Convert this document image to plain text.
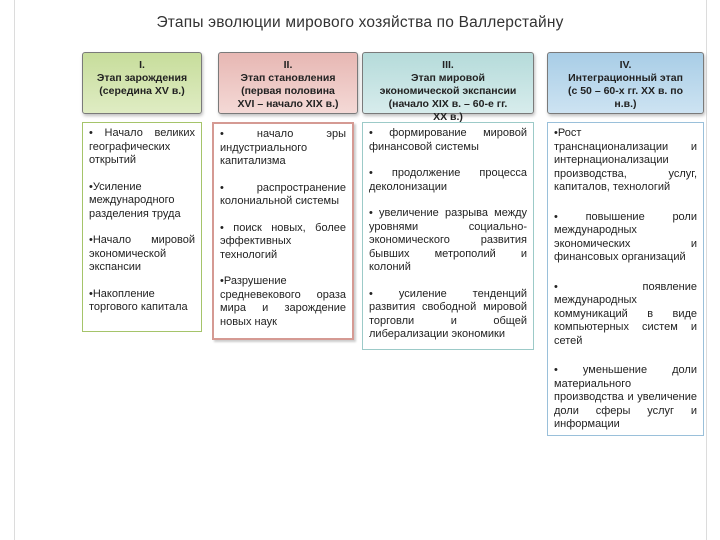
Этапы эволюции мирового хозяйства по Валлерстайну
I.
Этап зарождения
(середина XV в.)
II.
Этап становления
(первая половина
XVI – начало XIX в.)
III.
Этап мировой
экономической экспансии
(начало XIX в. – 60-е гг.
XX в.)
IV.
Интеграционный этап
(с 50 – 60-х гг. XX в. по
н.в.)
• Начало великих географических открытий
•Усиление международного разделения труда
•Начало мировой экономической экспансии
•Накопление торгового капитала
• начало эры индустриального капитализма
• распространение колониальной системы
• поиск новых, более эффективных технологий
•Разрушение средневекового оразa мира и зарождение новых наук
• формирование мировой финансовой системы
• продолжение процесса деколонизации
• увеличение разрыва между уровнями социально-экономического развития бывших метрополий и колоний
• усиление тенденций развития свободной мировой торговли и общей либерализации экономики
•Рост транснационализации и интернационализации производства, услуг, капиталов, технологий
• повышение роли международных экономических и финансовых организаций
• появление международных коммуникаций в виде компьютерных систем и сетей
• уменьшение доли материального производства и увеличение доли сферы услуг и информации
